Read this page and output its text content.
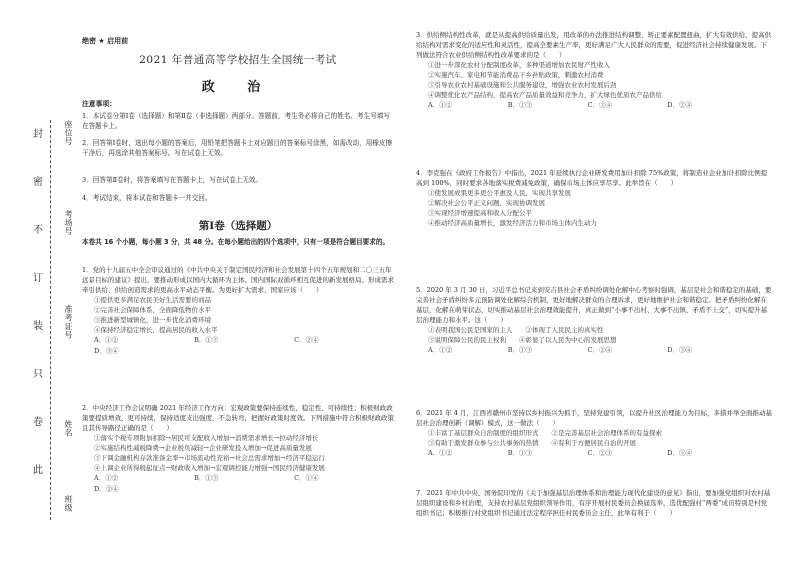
封
密
不
订
装
只
卷
此
座位号
考场号
准考证号
姓名
班级
绝密 ★ 启用前
2021 年普通高等学校招生全国统一考试
政 治
注意事项：
1．本试卷分第Ⅰ卷（选择题）和第Ⅱ卷（非选择题）两部分。答题前，考生务必将自己的姓名、考生号填写在答题卡上。
2．回答第Ⅰ卷时，选出每小题的答案后，用铅笔把答题卡上对应题目的答案标号涂黑，如需改动，用橡皮擦干净后，再选涂其他答案标号。写在试卷上无效。
3．回答第Ⅱ卷时，将答案填写在答题卡上，写在试卷上无效。
4．考试结束，将本试卷和答题卡一并交回。
第Ⅰ卷（选择题）
本卷共 16 个小题，每小题 3 分，共 48 分。在每小题给出的四个选项中，只有一项是符合题目要求的。

1．党的十九届五中全会审议通过的《中共中央关于制定国民经济和社会发展第十四个五年规划和二〇三五年远景目标的建议》提出，要推动形成以国内大循环为主体、国内国际双循环相互促进的新发展格局。形成需求牵引供给、供给创造需求的更高水平动态平衡。为更好扩大需求，国家应该（　　）

①提供更多满足农民美好生活需要的商品

②完善社会保障体系，全面降低物价水平

③推进新型城镇化，进一步优化消费环境

④保持经济稳定增长，提高居民的收入水平

A．①②	B．①③	C．②④ D．③④

2．中央经济工作会议明确 2021 年经济工作方向：宏观政策要保持连续性、稳定性、可持续性；积极财政政策要提质增效、更可持续，保持适度支出强度，不急转弯，把握好政策时度效。下列措施中符合积极财政政策且其传导路径正确的是（　　）

①落实个税专项附加扣除→居民可支配收入增加→消费需求增长→拉动经济增长

②实施结构性减税降费→企业税负减轻→企业研发投入增加→促进高质量发展

③下调金融机构存款准备金率→市场流动性充裕→社会总需求增加→经济平稳运行

④上调企业所得税起征点→财政收入增加→宏观调控能力增强→国民经济健康发展

A．①②	B．①③	C．①④ D．②④

3．供给侧结构性改革，就是从提高供给质量出发，用改革的办法推进结构调整，矫正要素配置扭曲，扩大有效供给，提高供给结构对需求变化的适应性和灵活性，提高全要素生产率，更好满足广大人民群众的需要，促进经济社会持续健康发展。下列做法符合农业供给侧结构性改革要求的是（　　）

①进一步深化农村分配制度改革，多种渠道增加农民财产性收入

②实施汽车、家电和节能消费品下乡补贴政策，刺激农村消费

③引导农业农村基础设施和公共服务建设，增强农业农村发展后劲

④调整优化农产品结构，提高农产品质量效益和竞争力，扩大绿色优质农产品供给

A．①②	B．①③	C．③④	D．②④

4．李克强在《政府工作报告》中指出，2021 年延续执行企业研发费用加计扣除 75%政策，将制造业企业加计扣除比例提高到 100%，同时要求各地落实税费减免政策，确保市场主体应享尽享。此举旨在（　　）

①使发展成果更多更公平惠及人民，实现共享发展

②解决社会公平正义问题，实现协调发展

③实现经济增速提高和收入分配公平

④推动经济高质量增长，激发经济活力和市场主体内生动力

5．2020 年 3 月 30 日，习近平总书记来到安吉县社会矛盾纠纷调处化解中心考察时强调，基层是社会和谐稳定的基础，要完善社会矛盾纠纷多元预防调处化解综合机制，更好地解决群众的合理诉求，更好地维护社会和谐稳定。把矛盾纠纷化解在基层，化解在萌芽状态，切实推动基层社会治理效能提升，真正做到“小事不出村、大事不出镇、矛盾不上交”，切实提升基层治理能力和水平。这（　　）

①表明我国公民是国家的主人　　②体现了人民民主的真实性

③说明保障公民的民主权利　　④彰显了以人民为中心的发展思想

A．①②	B．①③	C．②④	D．③④

6．2021 年 4 月，江西省赣州市坚持以乡村振兴为抓手，坚持党建引领，以提升社区治理能力为目标，多措并举全面推动基层社会治理创新（调解）模式，这一做法（　　）

①丰富了基层群众自治制度的组织形式　　②是完善基层社会治理体系的有益探索

③有助于激发群众参与公共事务的热情　　④有利于方便居民自治的开展

A．①②	B．①③	C．②③	D．③④

7．2021 年中共中央、国务院印发的《关于加强基层治理体系和治理能力现代化建设的意见》指出，要加强党组织对农村基层组织建设和乡村治理，支持农村基层党组织领导作用，有序开展村民委员会换届选举，选优配强村“两委”成员特别是村党组织书记；积极推行村党组织书记通过法定程序担任村民委员会主任，此举有利于（　　）
